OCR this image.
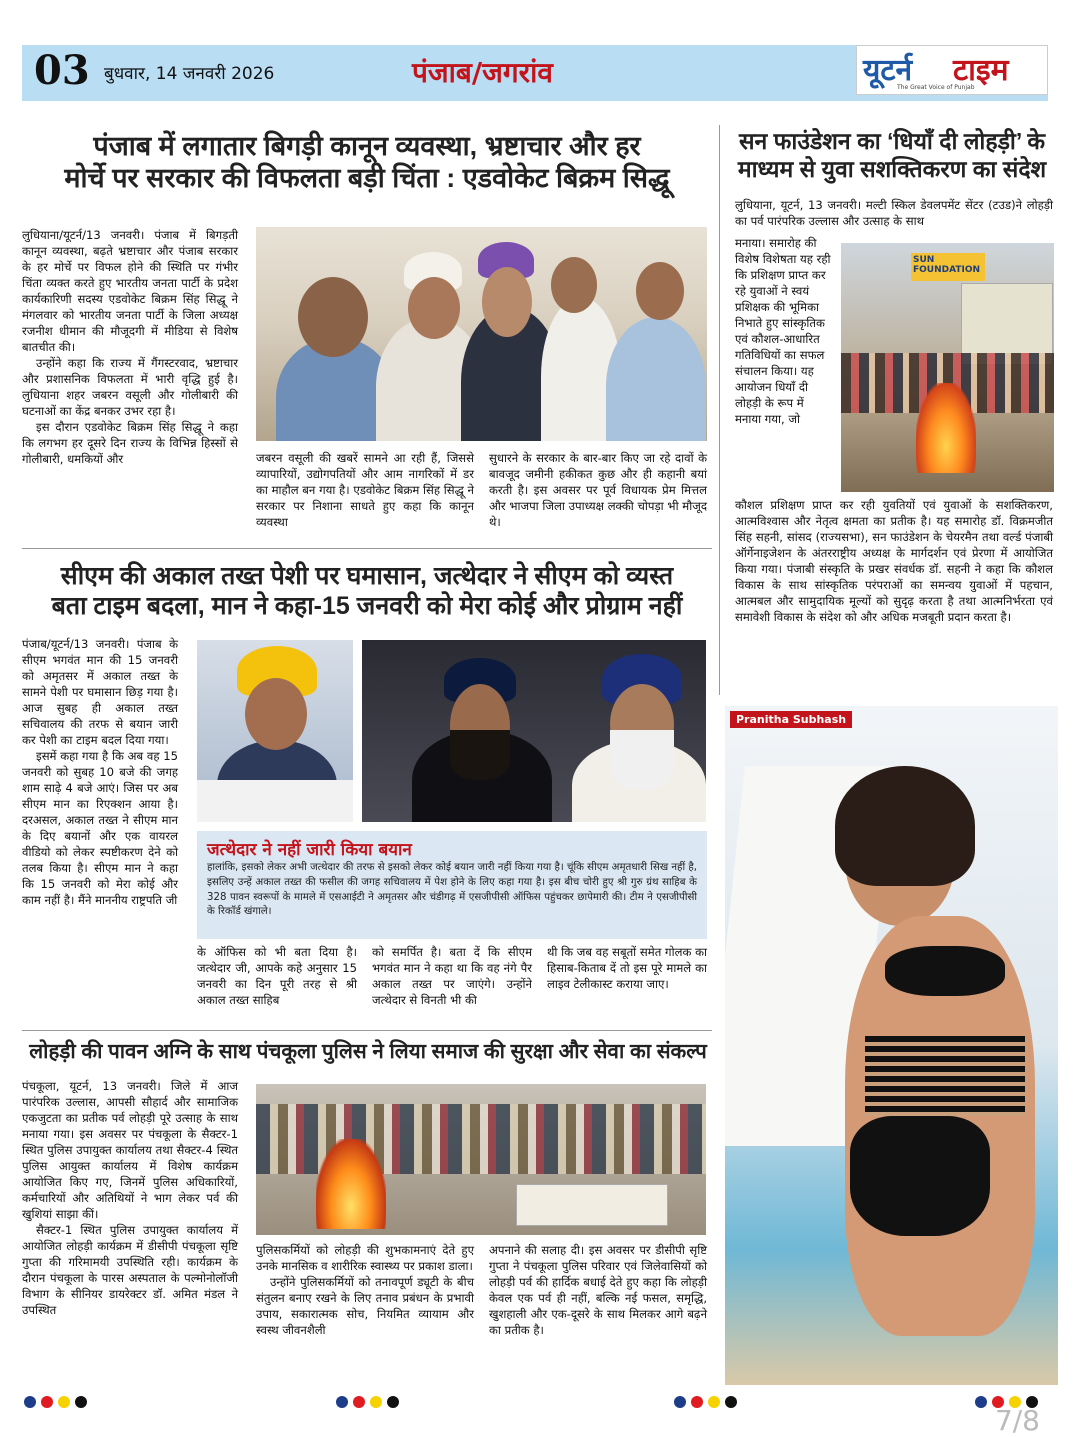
03 बुधवार, 14 जनवरी 2026	पंजाब/जगरांव	यूटर्न टाइम
The Great Voice of Punjab
पंजाब में लगातार बिगड़ी कानून व्यवस्था, भ्रष्टाचार और हर
मोर्चे पर सरकार की विफलता बड़ी चिंता : एडवोकेट बिक्रम सिद्धू

लुधियाना/यूटर्न/13 जनवरी। पंजाब में बिगड़ती कानून व्यवस्था, बढ़ते भ्रष्टाचार और पंजाब सरकार के हर मोर्चे पर विफल होने की स्थिति पर गंभीर चिंता व्यक्त करते हुए भारतीय जनता पार्टी के प्रदेश कार्यकारिणी सदस्य एडवोकेट बिक्रम सिंह सिद्धू ने मंगलवार को भारतीय जनता पार्टी के जिला अध्यक्ष रजनीश धीमान की मौजूदगी में मीडिया से विशेष बातचीत की।

उन्होंने कहा कि राज्य में गैंगस्टरवाद, भ्रष्टाचार और प्रशासनिक विफलता में भारी वृद्धि हुई है। लुधियाना शहर जबरन वसूली और गोलीबारी की घटनाओं का केंद्र बनकर उभर रहा है।

इस दौरान एडवोकेट बिक्रम सिंह सिद्धू ने कहा कि लगभग हर दूसरे दिन राज्य के विभिन्न हिस्सों से गोलीबारी, धमकियों और	जबरन वसूली की खबरें सामने आ रही हैं, जिससे व्यापारियों, उद्योगपतियों और आम नागरिकों में डर का माहौल बन गया है। एडवोकेट बिक्रम सिंह सिद्धू ने सरकार पर निशाना साधते हुए कहा कि कानून व्यवस्था

सुधारने के सरकार के बार-बार किए जा रहे दावों के बावजूद जमीनी हकीकत कुछ और ही कहानी बयां करती है। इस अवसर पर पूर्व विधायक प्रेम मित्तल और भाजपा जिला उपाध्यक्ष लक्की चोपड़ा भी मौजूद थे।

सन फाउंडेशन का ‘धियाँ दी लोहड़ी’ के
माध्यम से युवा सशक्तिकरण का संदेश

लुधियाना, यूटर्न, 13 जनवरी। मल्टी स्किल डेवलपमेंट सेंटर (टउड)ने लोहड़ी का पर्व पारंपरिक उल्लास और उत्साह के साथ

मनाया। समारोह की विशेष विशेषता यह रही कि प्रशिक्षण प्राप्त कर रहे युवाओं ने स्वयं प्रशिक्षक की भूमिका निभाते हुए सांस्कृतिक एवं कौशल-आधारित गतिविधियों का सफल संचालन किया। यह आयोजन धियाँ दी लोहड़ी के रूप में मनाया गया, जो

SUN FOUNDATION

कौशल प्रशिक्षण प्राप्त कर रही युवतियों एवं युवाओं के सशक्तिकरण, आत्मविश्वास और नेतृत्व क्षमता का प्रतीक है। यह समारोह डॉ. विक्रमजीत सिंह सहनी, सांसद (राज्यसभा), सन फाउंडेशन के चेयरमैन तथा वर्ल्ड पंजाबी ऑर्गेनाइजेशन के अंतरराष्ट्रीय अध्यक्ष के मार्गदर्शन एवं प्रेरणा में आयोजित किया गया। पंजाबी संस्कृति के प्रखर संवर्धक डॉ. सहनी ने कहा कि कौशल विकास के साथ सांस्कृतिक परंपराओं का समन्वय युवाओं में पहचान, आत्मबल और सामुदायिक मूल्यों को सुदृढ़ करता है तथा आत्मनिर्भरता एवं समावेशी विकास के संदेश को और अधिक मजबूती प्रदान करता है।

सीएम की अकाल तख्त पेशी पर घमासान, जत्थेदार ने सीएम को व्यस्त
बता टाइम बदला, मान ने कहा-15 जनवरी को मेरा कोई और प्रोग्राम नहीं

पंजाब/यूटर्न/13 जनवरी। पंजाब के सीएम भगवंत मान की 15 जनवरी को अमृतसर में अकाल तख्त के सामने पेशी पर घमासान छिड़ गया है। आज सुबह ही अकाल तख्त सचिवालय की तरफ से बयान जारी कर पेशी का टाइम बदल दिया गया।

इसमें कहा गया है कि अब वह 15 जनवरी को सुबह 10 बजे की जगह शाम साढ़े 4 बजे आएं। जिस पर अब सीएम मान का रिएक्शन आया है। दरअसल, अकाल तख्त ने सीएम मान के दिए बयानों और एक वायरल वीडियो को लेकर स्पष्टीकरण देने को तलब किया है। सीएम मान ने कहा कि 15 जनवरी को मेरा कोई और काम नहीं है। मैंने माननीय राष्ट्रपति जी

जत्थेदार ने नहीं जारी किया बयान
हालांकि, इसको लेकर अभी जत्थेदार की तरफ से इसको लेकर कोई बयान जारी नहीं किया गया है। चूंकि सीएम अमृतधारी सिख नहीं है, इसलिए उन्हें अकाल तख्त की फसील की जगह सचिवालय में पेश होने के लिए कहा गया है। इस बीच चोरी हुए श्री गुरु ग्रंथ साहिब के 328 पावन स्वरूपों के मामले में एसआईटी ने अमृतसर और चंडीगढ़ में एसजीपीसी ऑफिस पहुंचकर छापेमारी की। टीम ने एसजीपीसी के रिकॉर्ड खंगाले।

के ऑफिस को भी बता दिया है। जत्थेदार जी, आपके कहे अनुसार 15 जनवरी का दिन पूरी तरह से श्री अकाल तख्त साहिब

को समर्पित है। बता दें कि सीएम भगवंत मान ने कहा था कि वह नंगे पैर अकाल तख्त पर जाएंगे। उन्होंने जत्थेदार से विनती भी की

थी कि जब वह सबूतों समेत गोलक का हिसाब-किताब दें तो इस पूरे मामले का लाइव टेलीकास्ट कराया जाए।

लोहड़ी की पावन अग्नि के साथ पंचकूला पुलिस ने लिया समाज की सुरक्षा और सेवा का संकल्प

पंचकूला, यूटर्न, 13 जनवरी। जिले में आज पारंपरिक उल्लास, आपसी सौहार्द और सामाजिक एकजुटता का प्रतीक पर्व लोहड़ी पूरे उत्साह के साथ मनाया गया। इस अवसर पर पंचकूला के सैक्टर-1 स्थित पुलिस उपायुक्त कार्यालय तथा सैक्टर-4 स्थित पुलिस आयुक्त कार्यालय में विशेष कार्यक्रम आयोजित किए गए, जिनमें पुलिस अधिकारियों, कर्मचारियों और अतिथियों ने भाग लेकर पर्व की खुशियां साझा कीं।

सैक्टर-1 स्थित पुलिस उपायुक्त कार्यालय में आयोजित लोहड़ी कार्यक्रम में डीसीपी पंचकूला सृष्टि गुप्ता की गरिमामयी उपस्थिति रही। कार्यक्रम के दौरान पंचकूला के पारस अस्पताल के पल्मोनोलॉजी विभाग के सीनियर डायरेक्टर डॉ. अमित मंडल ने उपस्थित

पुलिसकर्मियों को लोहड़ी की शुभकामनाएं देते हुए उनके मानसिक व शारीरिक स्वास्थ्य पर प्रकाश डाला।

उन्होंने पुलिसकर्मियों को तनावपूर्ण ड्यूटी के बीच संतुलन बनाए रखने के लिए तनाव प्रबंधन के प्रभावी उपाय, सकारात्मक सोच, नियमित व्यायाम और स्वस्थ जीवनशैली

अपनाने की सलाह दी। इस अवसर पर डीसीपी सृष्टि गुप्ता ने पंचकूला पुलिस परिवार एवं जिलेवासियों को लोहड़ी पर्व की हार्दिक बधाई देते हुए कहा कि लोहड़ी केवल एक पर्व ही नहीं, बल्कि नई फसल, समृद्धि, खुशहाली और एक-दूसरे के साथ मिलकर आगे बढ़ने का प्रतीक है।

Pranitha Subhash
7/8
